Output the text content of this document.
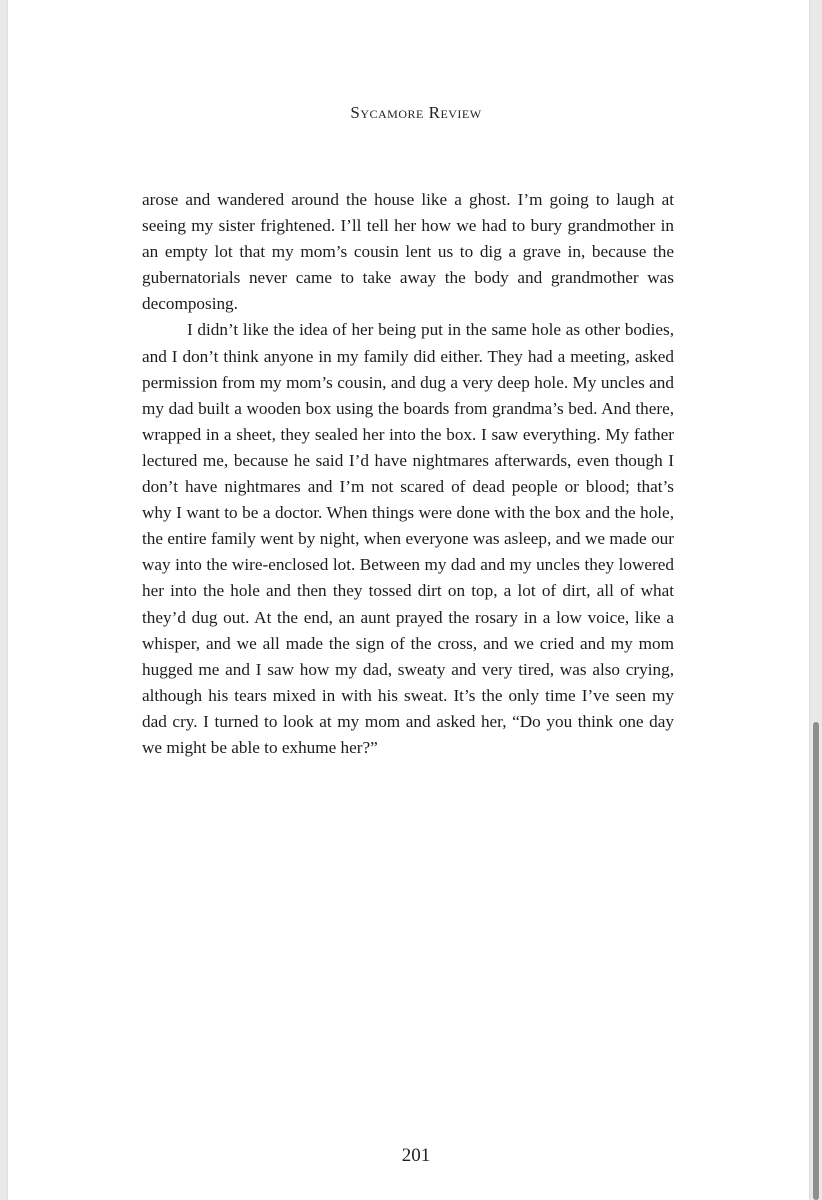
Sycamore Review

arose and wandered around the house like a ghost. I’m going to laugh at seeing my sister frightened. I’ll tell her how we had to bury grandmother in an empty lot that my mom’s cousin lent us to dig a grave in, because the gubernatorials never came to take away the body and grandmother was decomposing.

I didn’t like the idea of her being put in the same hole as other bodies, and I don’t think anyone in my family did either. They had a meeting, asked permission from my mom’s cousin, and dug a very deep hole. My uncles and my dad built a wooden box using the boards from grandma’s bed. And there, wrapped in a sheet, they sealed her into the box. I saw everything. My father lectured me, because he said I’d have nightmares afterwards, even though I don’t have nightmares and I’m not scared of dead people or blood; that’s why I want to be a doctor. When things were done with the box and the hole, the entire family went by night, when everyone was asleep, and we made our way into the wire-enclosed lot. Between my dad and my uncles they lowered her into the hole and then they tossed dirt on top, a lot of dirt, all of what they’d dug out. At the end, an aunt prayed the rosary in a low voice, like a whisper, and we all made the sign of the cross, and we cried and my mom hugged me and I saw how my dad, sweaty and very tired, was also crying, although his tears mixed in with his sweat. It’s the only time I’ve seen my dad cry. I turned to look at my mom and asked her, “Do you think one day we might be able to exhume her?”

201
